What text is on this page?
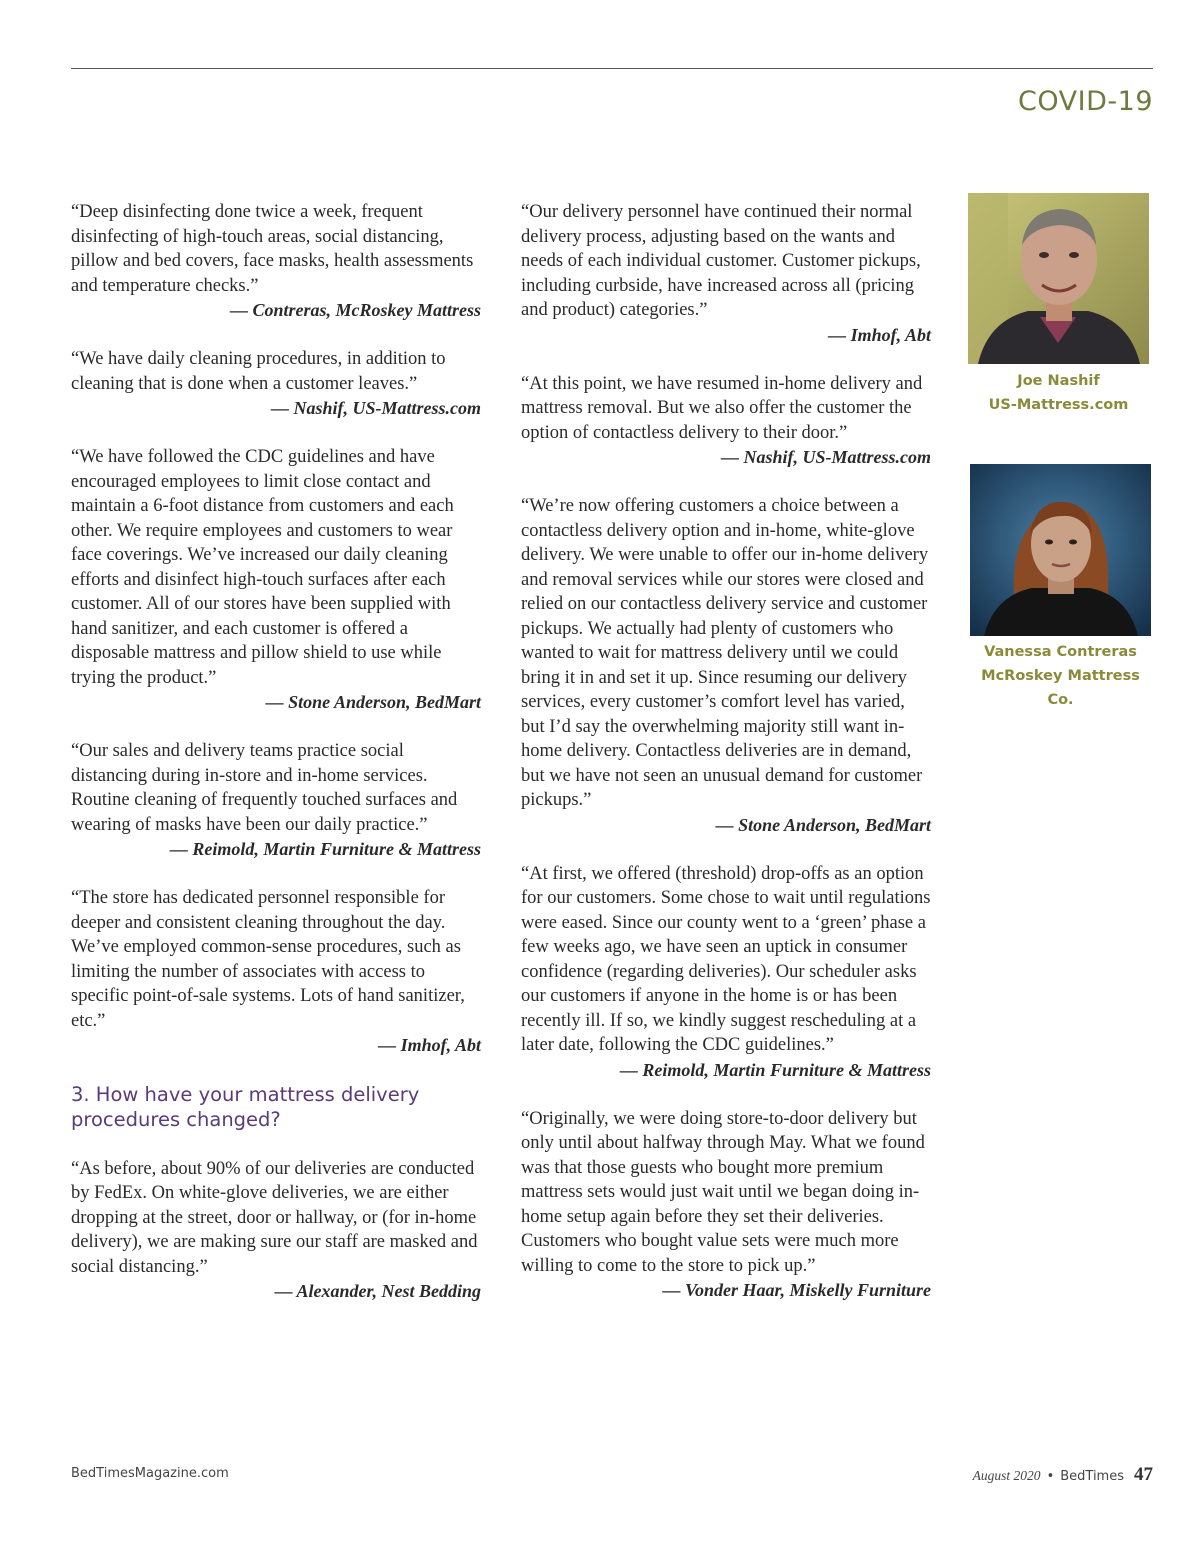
COVID-19

“Deep disinfecting done twice a week, frequent disinfecting of high-touch areas, social distancing, pillow and bed covers, face masks, health assessments and temperature checks.”

— Contreras, McRoskey Mattress

“We have daily cleaning procedures, in addition to cleaning that is done when a customer leaves.”

— Nashif, US-Mattress.com

“We have followed the CDC guidelines and have encouraged employees to limit close contact and maintain a 6-foot distance from customers and each other. We require employees and customers to wear face coverings. We’ve increased our daily cleaning efforts and disinfect high-touch surfaces after each customer. All of our stores have been supplied with hand sanitizer, and each customer is offered a disposable mattress and pillow shield to use while trying the product.”

— Stone Anderson, BedMart

“Our sales and delivery teams practice social distancing during in-store and in-home services. Routine cleaning of frequently touched surfaces and wearing of masks have been our daily practice.”

— Reimold, Martin Furniture & Mattress

“The store has dedicated personnel responsible for deeper and consistent cleaning throughout the day. We’ve employed common-sense procedures, such as limiting the number of associates with access to specific point-of-sale systems. Lots of hand sanitizer, etc.”

— Imhof, Abt
3. How have your mattress delivery procedures changed?

“As before, about 90% of our deliveries are conducted by FedEx. On white-glove deliveries, we are either dropping at the street, door or hallway, or (for in-home delivery), we are making sure our staff are masked and social distancing.”

— Alexander, Nest Bedding

“Our delivery personnel have continued their normal delivery process, adjusting based on the wants and needs of each individual customer. Customer pickups, including curbside, have increased across all (pricing and product) categories.”

— Imhof, Abt

“At this point, we have resumed in-home delivery and mattress removal. But we also offer the customer the option of contactless delivery to their door.”

— Nashif, US-Mattress.com

“We’re now offering customers a choice between a contactless delivery option and in-home, white-glove delivery. We were unable to offer our in-home delivery and removal services while our stores were closed and relied on our contactless delivery service and customer pickups. We actually had plenty of customers who wanted to wait for mattress delivery until we could bring it in and set it up. Since resuming our delivery services, every customer’s comfort level has varied, but I’d say the overwhelming majority still want in-home delivery. Contactless deliveries are in demand, but we have not seen an unusual demand for customer pickups.”

— Stone Anderson, BedMart

“At first, we offered (threshold) drop-offs as an option for our customers. Some chose to wait until regulations were eased. Since our county went to a ‘green’ phase a few weeks ago, we have seen an uptick in consumer confidence (regarding deliveries). Our scheduler asks our customers if anyone in the home is or has been recently ill. If so, we kindly suggest rescheduling at a later date, following the CDC guidelines.”

— Reimold, Martin Furniture & Mattress

“Originally, we were doing store-to-door delivery but only until about halfway through May. What we found was that those guests who bought more premium mattress sets would just wait until we began doing in-home setup again before they set their deliveries. Customers who bought value sets were much more willing to come to the store to pick up.”

— Vonder Haar, Miskelly Furniture
Joe Nashif
US-Mattress.com
Vanessa Contreras
McRoskey Mattress Co.
BedTimesMagazine.com	August 2020 • BedTimes 47
